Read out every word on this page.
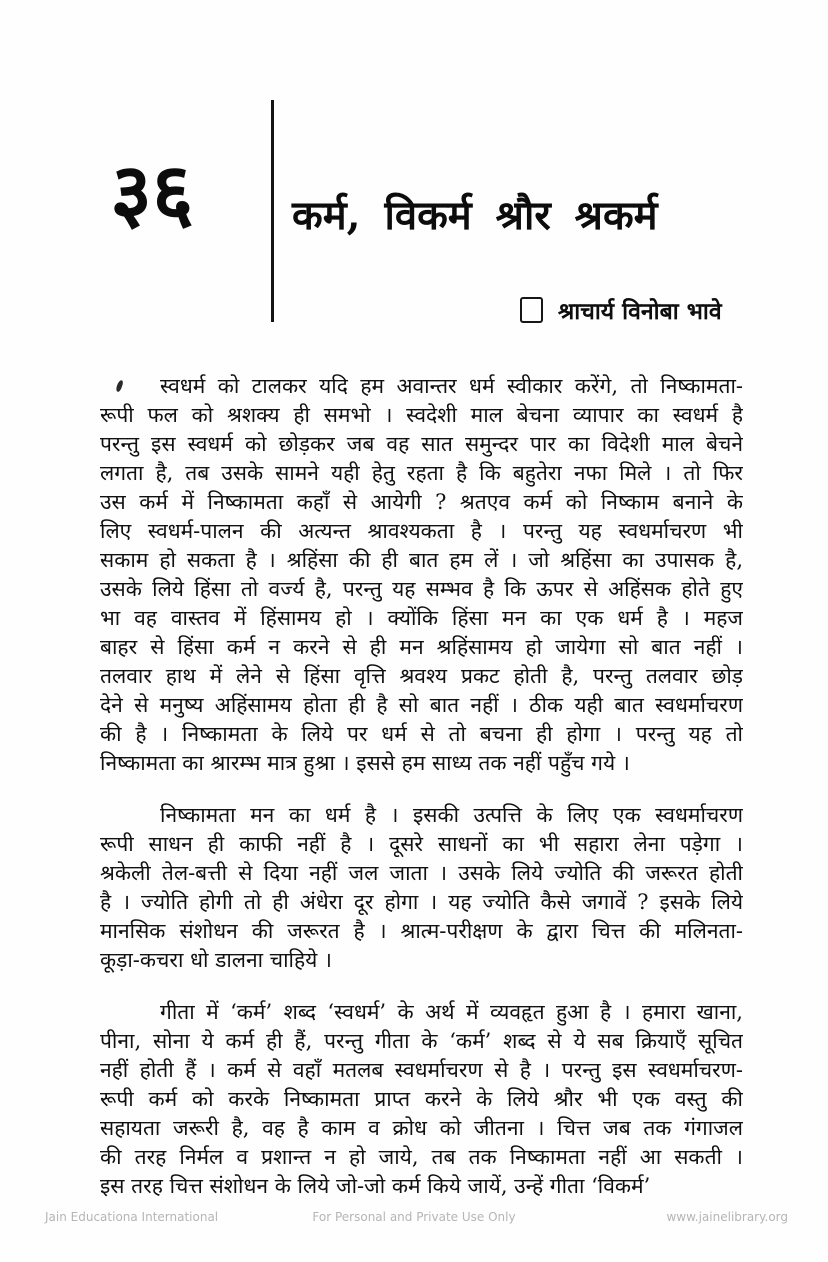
३६	कर्म, विकर्म श्रौर श्रकर्म
श्राचार्य विनोबा भावे
स्वधर्म को टालकर यदि हम अवान्तर धर्म स्वीकार करेंगे, तो निष्कामता-
रूपी फल को श्रशक्य ही समभो । स्वदेशी माल बेचना व्यापार का स्वधर्म है
परन्तु इस स्वधर्म को छोड़कर जब वह सात समुन्दर पार का विदेशी माल बेचने
लगता है, तब उसके सामने यही हेतु रहता है कि बहुतेरा नफा मिले । तो फिर
उस कर्म में निष्कामता कहाँ से आयेगी ? श्रतएव कर्म को निष्काम बनाने के
लिए स्वधर्म-पालन की अत्यन्त श्रावश्यकता है । परन्तु यह स्वधर्माचरण भी
सकाम हो सकता है । श्रहिंसा की ही बात हम लें । जो श्रहिंसा का उपासक है,
उसके लिये हिंसा तो वर्ज्य है, परन्तु यह सम्भव है कि ऊपर से अहिंसक होते हुए
भा वह वास्तव में हिंसामय हो । क्योंकि हिंसा मन का एक धर्म है । महज
बाहर से हिंसा कर्म न करने से ही मन श्रहिंसामय हो जायेगा सो बात नहीं ।
तलवार हाथ में लेने से हिंसा वृत्ति श्रवश्य प्रकट होती है, परन्तु तलवार छोड़
देने से मनुष्य अहिंसामय होता ही है सो बात नहीं । ठीक यही बात स्वधर्माचरण
की है । निष्कामता के लिये पर धर्म से तो बचना ही होगा । परन्तु यह तो
निष्कामता का श्रारम्भ मात्र हुश्रा । इससे हम साध्य तक नहीं पहुँच गये ।
निष्कामता मन का धर्म है । इसकी उत्पत्ति के लिए एक स्वधर्माचरण
रूपी साधन ही काफी नहीं है । दूसरे साधनों का भी सहारा लेना पड़ेगा ।
श्रकेली तेल-बत्ती से दिया नहीं जल जाता । उसके लिये ज्योति की जरूरत होती
है । ज्योति होगी तो ही अंधेरा दूर होगा । यह ज्योति कैसे जगावें ? इसके लिये
मानसिक संशोधन की जरूरत है । श्रात्म-परीक्षण के द्वारा चित्त की मलिनता-
कूड़ा-कचरा धो डालना चाहिये ।
गीता में ‘कर्म’ शब्द ‘स्वधर्म’ के अर्थ में व्यवहृत हुआ है । हमारा खाना,
पीना, सोना ये कर्म ही हैं, परन्तु गीता के ‘कर्म’ शब्द से ये सब क्रियाएँ सूचित
नहीं होती हैं । कर्म से वहाँ मतलब स्वधर्माचरण से है । परन्तु इस स्वधर्माचरण-
रूपी कर्म को करके निष्कामता प्राप्त करने के लिये श्रौर भी एक वस्तु की
सहायता जरूरी है, वह है काम व क्रोध को जीतना । चित्त जब तक गंगाजल
की तरह निर्मल व प्रशान्त न हो जाये, तब तक निष्कामता नहीं आ सकती ।
इस तरह चित्त संशोधन के लिये जो-जो कर्म किये जायें, उन्हें गीता ‘विकर्म’
Jain Educationa International	For Personal and Private Use Only	www.jainelibrary.org
